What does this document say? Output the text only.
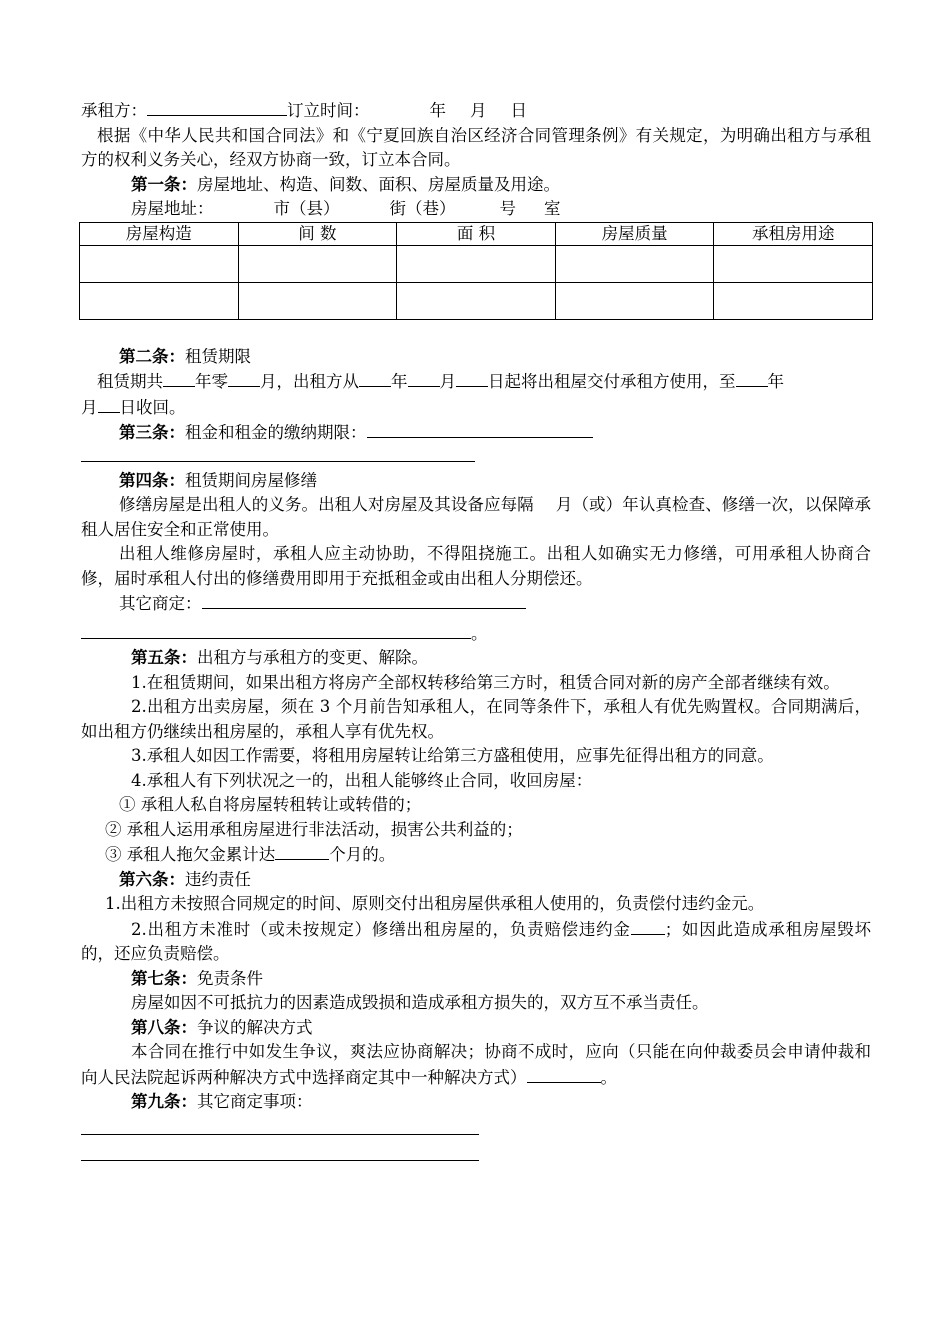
承租方：	订立时间：	年 月 日
根据《中华人民共和国合同法》和《宁夏回族自治区经济合同管理条例》有关规定，为明确出租方与承租方的权利义务关心，经双方协商一致，订立本合同。
第一条：房屋地址、构造、间数、面积、房屋质量及用途。
房屋地址：	市（县）	街（巷）	号 室
房屋构造	间 数	面 积	房屋质量	承租房用途

第二条：租赁期限
租赁期共 年零 月，出租方从 年 月 日起将出租屋交付承租方使用，至 年
月 日收回。
第三条：租金和租金的缴纳期限：
第四条：租赁期间房屋修缮
修缮房屋是出租人的义务。出租人对房屋及其设备应每隔 月（或）年认真检查、修缮一次，以保障承租人居住安全和正常使用。
出租人维修房屋时，承租人应主动协助，不得阻挠施工。出租人如确实无力修缮，可用承租人协商合修，届时承租人付出的修缮费用即用于充抵租金或由出租人分期偿还。
其它商定：
。
第五条：出租方与承租方的变更、解除。
1.在租赁期间，如果出租方将房产全部权转移给第三方时，租赁合同对新的房产全部者继续有效。
2.出租方出卖房屋，须在 3 个月前告知承租人，在同等条件下，承租人有优先购置权。合同期满后，如出租方仍继续出租房屋的，承租人享有优先权。
3.承租人如因工作需要，将租用房屋转让给第三方盛租使用，应事先征得出租方的同意。
4.承租人有下列状况之一的，出租人能够终止合同，收回房屋：
① 承租人私自将房屋转租转让或转借的；
② 承租人运用承租房屋进行非法活动，损害公共利益的；
③ 承租人拖欠金累计达	个月的。
第六条：违约责任
1.出租方未按照合同规定的时间、原则交付出租房屋供承租人使用的，负责偿付违约金元。
2.出租方未准时（或未按规定）修缮出租房屋的，负责赔偿违约金 ；如因此造成承租房屋毁坏的，还应负责赔偿。
第七条：免责条件
房屋如因不可抵抗力的因素造成毁损和造成承租方损失的，双方互不承当责任。
第八条：争议的解决方式
本合同在推行中如发生争议，爽法应协商解决；协商不成时，应向（只能在向仲裁委员会申请仲裁和向人民法院起诉两种解决方式中选择商定其中一种解决方式）	。
第九条：其它商定事项：
